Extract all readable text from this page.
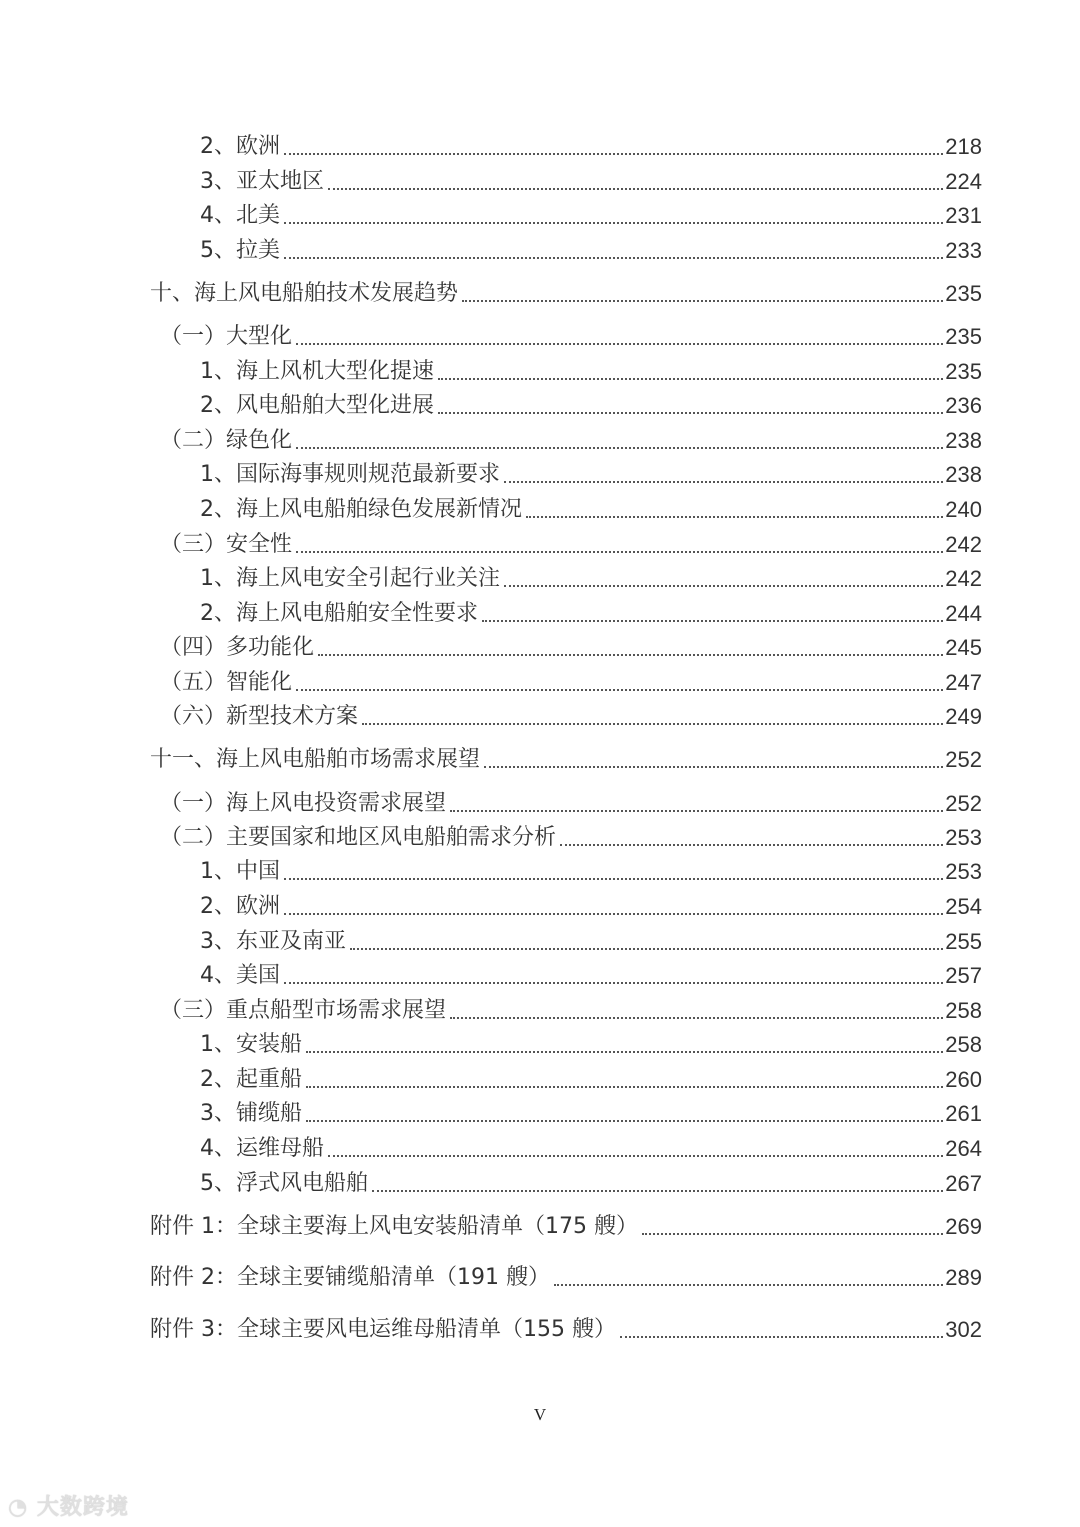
2、欧洲	218
3、亚太地区	224
4、北美	231
5、拉美	233
十、海上风电船舶技术发展趋势	235
（一）大型化	235
1、海上风机大型化提速	235
2、风电船舶大型化进展	236
（二）绿色化	238
1、国际海事规则规范最新要求	238
2、海上风电船舶绿色发展新情况	240
（三）安全性	242
1、海上风电安全引起行业关注	242
2、海上风电船舶安全性要求	244
（四）多功能化	245
（五）智能化	247
（六）新型技术方案	249
十一、海上风电船舶市场需求展望	252
（一）海上风电投资需求展望	252
（二）主要国家和地区风电船舶需求分析	253
1、中国	253
2、欧洲	254
3、东亚及南亚	255
4、美国	257
（三）重点船型市场需求展望	258
1、安装船	258
2、起重船	260
3、铺缆船	261
4、运维母船	264
5、浮式风电船舶	267
附件 1：全球主要海上风电安装船清单（175 艘）	269
附件 2：全球主要铺缆船清单（191 艘）	289
附件 3：全球主要风电运维母船清单（155 艘）	302
V
◔ 大数跨境
